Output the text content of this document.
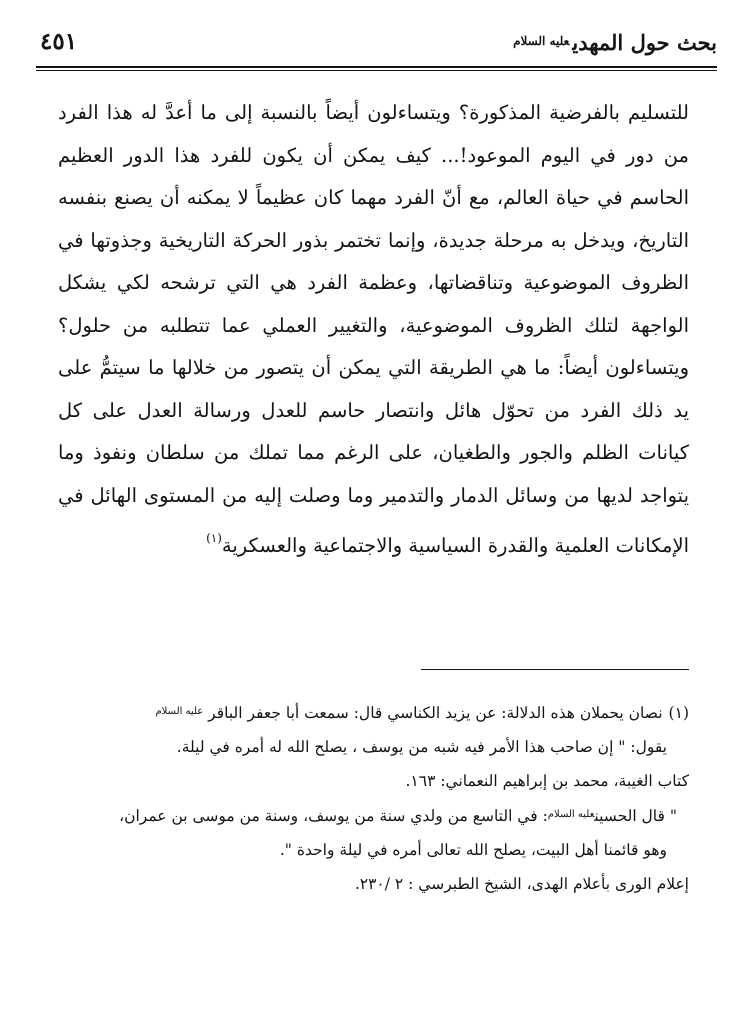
بحث حول المهدي$^{عليه السلام}$
٤٥١

للتسليم بالفرضية المذكورة؟ ويتساءلون أيضاً بالنسبة إلى ما أعدَّ له هذا الفرد من دور في اليوم الموعود!... كيف يمكن أن يكون للفرد هذا الدور العظيم الحاسم في حياة العالم، مع أنّ الفرد مهما كان عظيماً لا يمكنه أن يصنع بنفسه التاريخ، ويدخل به مرحلة جديدة، وإنما تختمر بذور الحركة التاريخية وجذوتها في الظروف الموضوعية وتناقضاتها، وعظمة الفرد هي التي ترشحه لكي يشكل الواجهة لتلك الظروف الموضوعية، والتغيير العملي عما تتطلبه من حلول؟ ويتساءلون أيضاً: ما هي الطريقة التي يمكن أن يتصور من خلالها ما سيتمُّ على يد ذلك الفرد من تحوّل هائل وانتصار حاسم للعدل ورسالة العدل على كل كيانات الظلم والجور والطغيان، على الرغم مما تملك من سلطان ونفوذ وما يتواجد لديها من وسائل الدمار والتدمير وما وصلت إليه من المستوى الهائل في الإمكانات العلمية والقدرة السياسية والاجتماعية والعسكرية$^{(١)}$

(١)نصان يحملان هذه الدلالة: عن يزيد الكناسي قال: سمعت أبا جعفر الباقر $^{عليه السلام}$

يقول: " إن صاحب هذا الأمر فيه شبه من يوسف ، يصلح الله له أمره في ليلة.

كتاب الغيبة، محمد بن إبراهيم النعماني: ١٦٣.

" قال الحسين$^{عليه السلام}$: في التاسع من ولدي سنة من يوسف، وسنة من موسى بن عمران،

وهو قائمنا أهل البيت، يصلح الله تعالى أمره في ليلة واحدة ".

إعلام الورى بأعلام الهدى، الشيخ الطبرسي : ٢ /٢٣٠.
